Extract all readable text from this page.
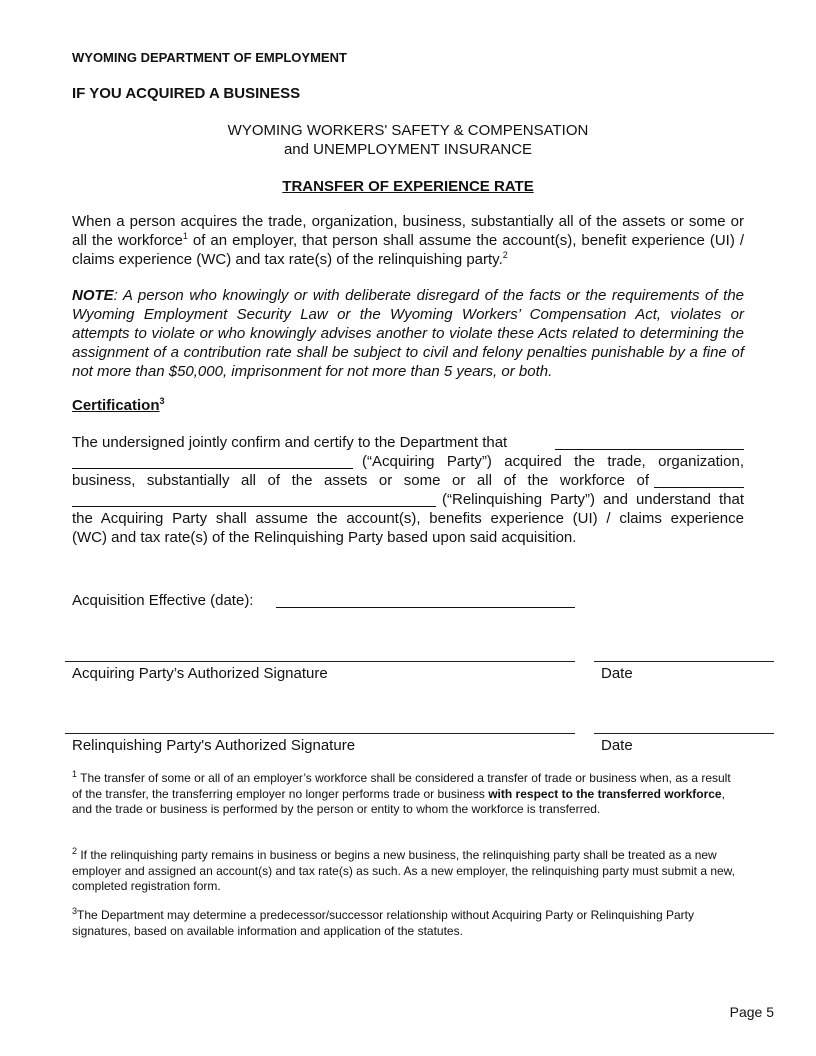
WYOMING DEPARTMENT OF EMPLOYMENT
IF YOU ACQUIRED A BUSINESS
WYOMING WORKERS' SAFETY & COMPENSATION
and UNEMPLOYMENT INSURANCE
TRANSFER OF EXPERIENCE RATE
When a person acquires the trade, organization, business, substantially all of the assets or some or all the workforce$^1$ of an employer, that person shall assume the account(s), benefit experience (UI) / claims experience (WC) and tax rate(s) of the relinquishing party.$^2$
NOTE: A person who knowingly or with deliberate disregard of the facts or the requirements of the Wyoming Employment Security Law or the Wyoming Workers’ Compensation Act, violates or attempts to violate or who knowingly advises another to violate these Acts related to determining the assignment of a contribution rate shall be subject to civil and felony penalties punishable by a fine of not more than $50,000, imprisonment for not more than 5 years, or both.
Certification$^3$
The undersigned jointly confirm and certify to the Department that
(“Acquiring Party”) acquired the trade, organization,
business, substantially all of the assets or some or all of the workforce of
(“Relinquishing Party”) and understand that
the Acquiring Party shall assume the account(s), benefits experience (UI) / claims experience
(WC) and tax rate(s) of the Relinquishing Party based upon said acquisition.
Acquisition Effective (date):
Acquiring Party’s Authorized Signature	Date
Relinquishing Party's Authorized Signature	Date
$^1$ The transfer of some or all of an employer’s workforce shall be considered a transfer of trade or business when, as a result of the transfer, the transferring employer no longer performs trade or business with respect to the transferred workforce, and the trade or business is performed by the person or entity to whom the workforce is transferred.
$^2$ If the relinquishing party remains in business or begins a new business, the relinquishing party shall be treated as a new employer and assigned an account(s) and tax rate(s) as such. As a new employer, the relinquishing party must submit a new, completed registration form.
$^3$The Department may determine a predecessor/successor relationship without Acquiring Party or Relinquishing Party signatures, based on available information and application of the statutes.
Page 5
